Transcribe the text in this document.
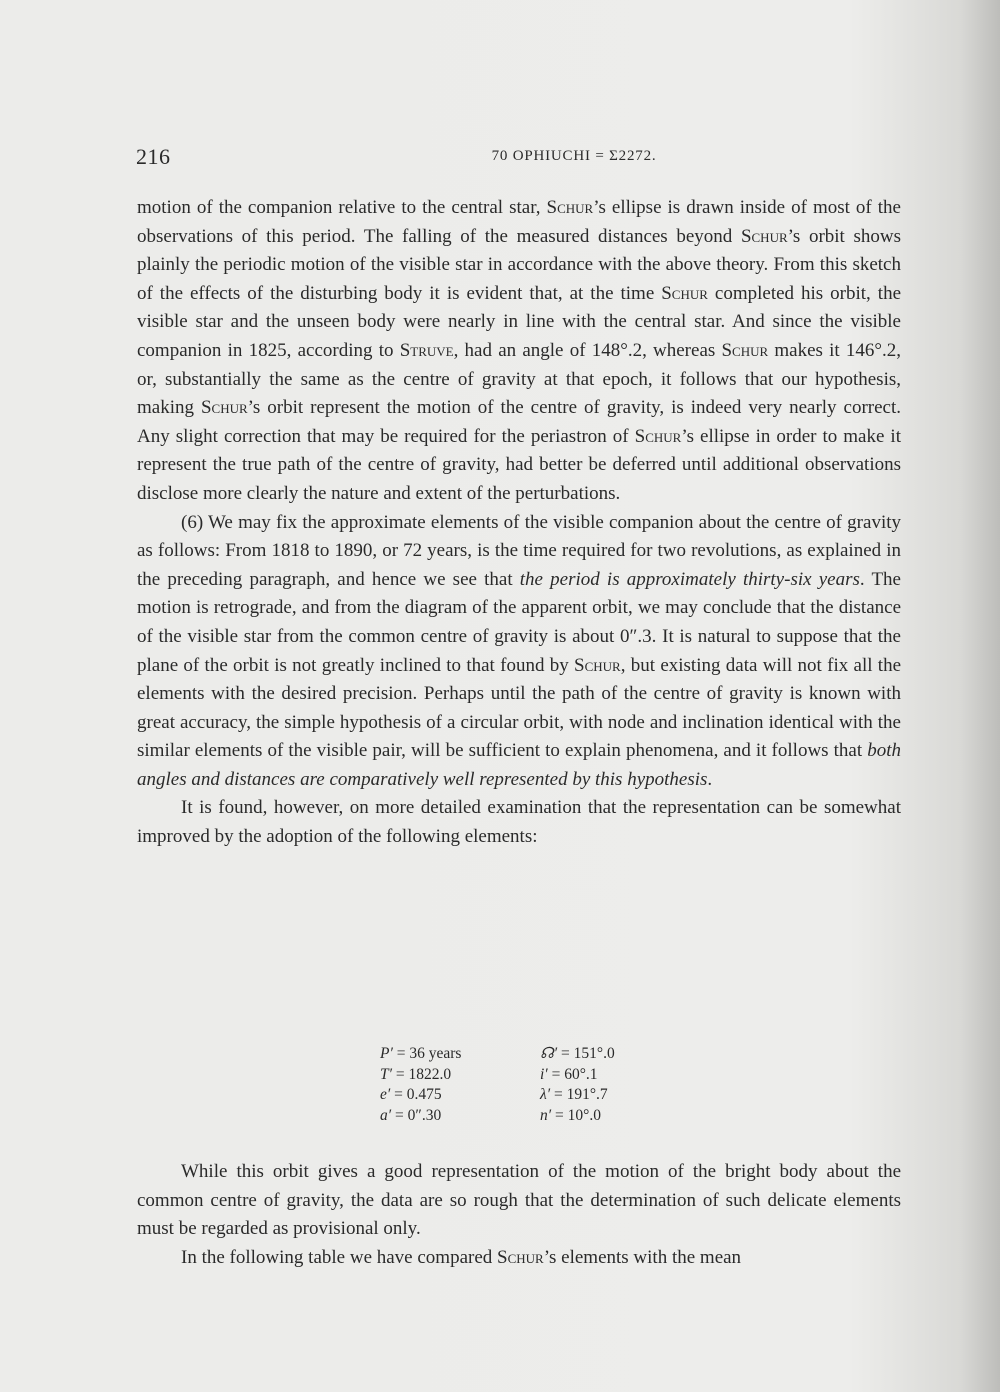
216	70 OPHIUCHI = Σ2272.

motion of the companion relative to the central star, Schur’s ellipse is drawn inside of most of the observations of this period. The falling of the measured distances beyond Schur’s orbit shows plainly the periodic motion of the visible star in accordance with the above theory. From this sketch of the effects of the disturbing body it is evident that, at the time Schur completed his orbit, the visible star and the unseen body were nearly in line with the central star. And since the visible companion in 1825, according to Struve, had an angle of 148°.2, whereas Schur makes it 146°.2, or, substantially the same as the centre of gravity at that epoch, it follows that our hypothesis, making Schur’s orbit represent the motion of the centre of gravity, is indeed very nearly correct. Any slight correction that may be required for the periastron of Schur’s ellipse in order to make it represent the true path of the centre of gravity, had better be deferred until additional observations disclose more clearly the nature and extent of the perturbations.

(6) We may fix the approximate elements of the visible companion about the centre of gravity as follows: From 1818 to 1890, or 72 years, is the time required for two revolutions, as explained in the preceding paragraph, and hence we see that the period is approximately thirty-six years. The motion is retrograde, and from the diagram of the apparent orbit, we may conclude that the distance of the visible star from the common centre of gravity is about 0″.3. It is natural to suppose that the plane of the orbit is not greatly inclined to that found by Schur, but existing data will not fix all the elements with the desired precision. Perhaps until the path of the centre of gravity is known with great accuracy, the simple hypothesis of a circular orbit, with node and inclination identical with the similar elements of the visible pair, will be sufficient to explain phenomena, and it follows that both angles and distances are comparatively well represented by this hypothesis.

It is found, however, on more detailed examination that the representation can be somewhat improved by the adoption of the following elements:

P′ = 36 years
T′ = 1822.0
e′ = 0.475
a′ = 0″.30
☊′ = 151°.0
i′ = 60°.1
λ′ = 191°.7
n′ = 10°.0

While this orbit gives a good representation of the motion of the bright body about the common centre of gravity, the data are so rough that the determination of such delicate elements must be regarded as provisional only.

In the following table we have compared Schur’s elements with the mean
